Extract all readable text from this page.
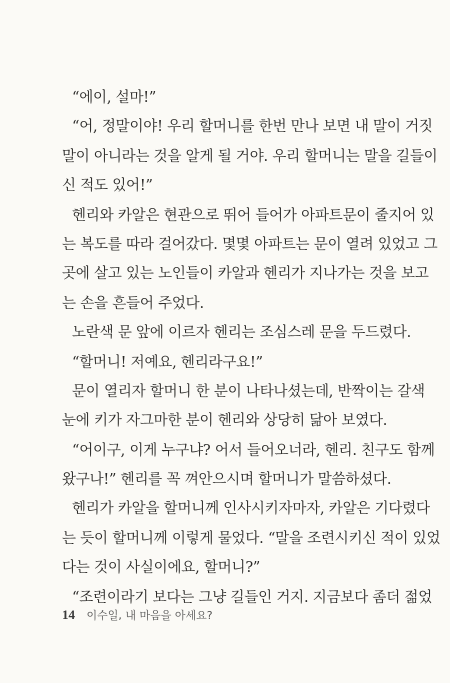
“에이, 설마!”
“어, 정말이야! 우리 할머니를 한번 만나 보면 내 말이 거짓
말이 아니라는 것을 알게 될 거야. 우리 할머니는 말을 길들이
신 적도 있어!”
헨리와 카알은 현관으로 뛰어 들어가 아파트문이 줄지어 있
는 복도를 따라 걸어갔다. 몇몇 아파트는 문이 열려 있었고 그
곳에 살고 있는 노인들이 카알과 헨리가 지나가는 것을 보고
는 손을 흔들어 주었다.
노란색 문 앞에 이르자 헨리는 조심스레 문을 두드렸다.
“할머니! 저예요, 헨리라구요!”
문이 열리자 할머니 한 분이 나타나셨는데, 반짝이는 갈색
눈에 키가 자그마한 분이 헨리와 상당히 닮아 보였다.
“어이구, 이게 누구냐? 어서 들어오너라, 헨리. 친구도 함께
왔구나!” 헨리를 꼭 껴안으시며 할머니가 말씀하셨다.
헨리가 카알을 할머니께 인사시키자마자, 카알은 기다렸다
는 듯이 할머니께 이렇게 물었다. “말을 조련시키신 적이 있었
다는 것이 사실이에요, 할머니?”
“조련이라기 보다는 그냥 길들인 거지. 지금보다 좀더 젊었
14 이수일, 내 마음을 아세요?
